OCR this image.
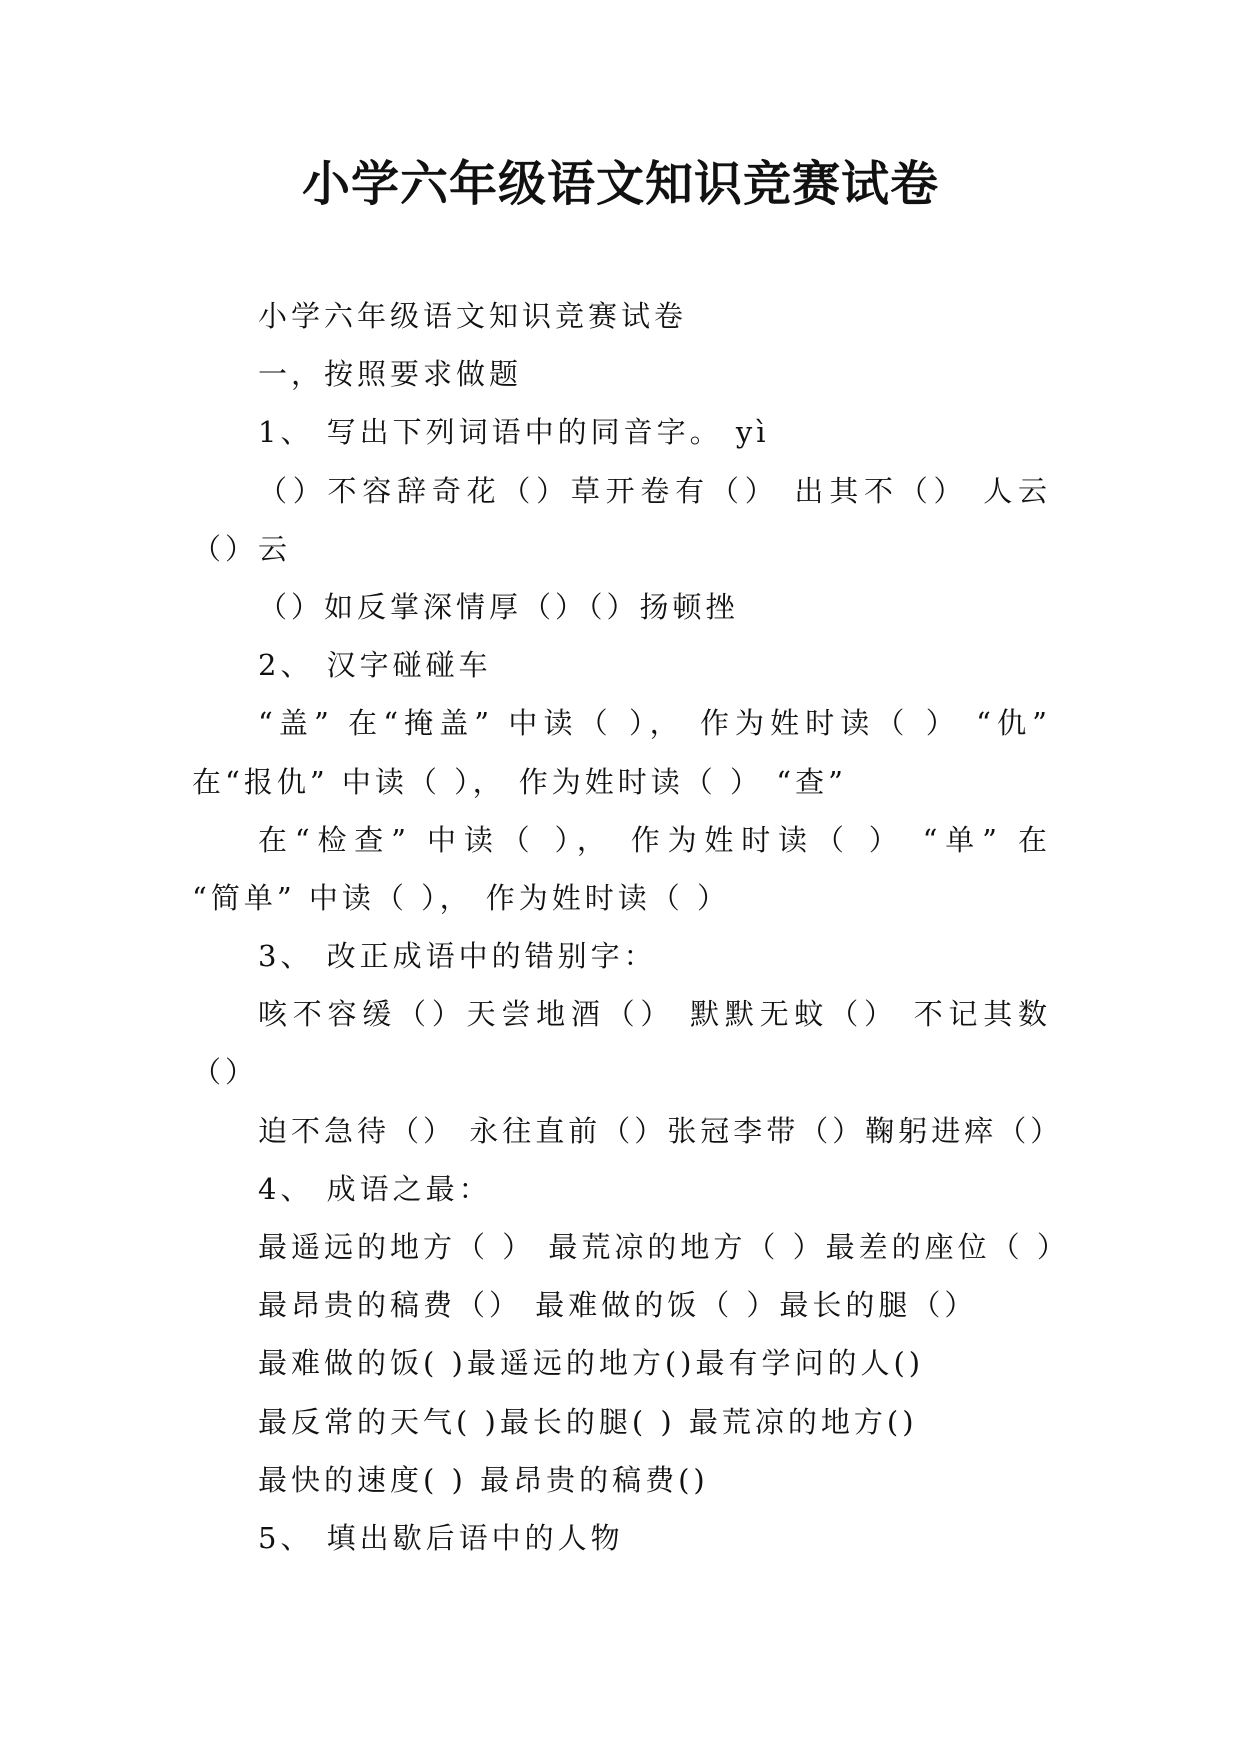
小学六年级语文知识竞赛试卷
小学六年级语文知识竞赛试卷
一，按照要求做题
1、 写出下列词语中的同音字。 yì
（）不容辞奇花（）草开卷有（） 出其不（） 人云
（）云
（）如反掌深情厚（）（）扬顿挫
2、 汉字碰碰车
“盖” 在“掩盖” 中读（ ）， 作为姓时读（ ） “仇”
在“报仇” 中读（ ）， 作为姓时读（ ） “查”
在“检查” 中读（ ）， 作为姓时读（ ） “单” 在
“简单” 中读（ ）， 作为姓时读（ ）
3、 改正成语中的错别字：
咳不容缓（）天尝地酒（） 默默无蚊（） 不记其数
（）
迫不急待（） 永往直前（）张冠李带（）鞠躬进瘁（）
4、 成语之最：
最遥远的地方（ ） 最荒凉的地方（ ）最差的座位（ ）
最昂贵的稿费（） 最难做的饭（ ）最长的腿（）
最难做的饭( )最遥远的地方()最有学问的人()
最反常的天气( )最长的腿( ) 最荒凉的地方()
最快的速度( ) 最昂贵的稿费()
5、 填出歇后语中的人物
